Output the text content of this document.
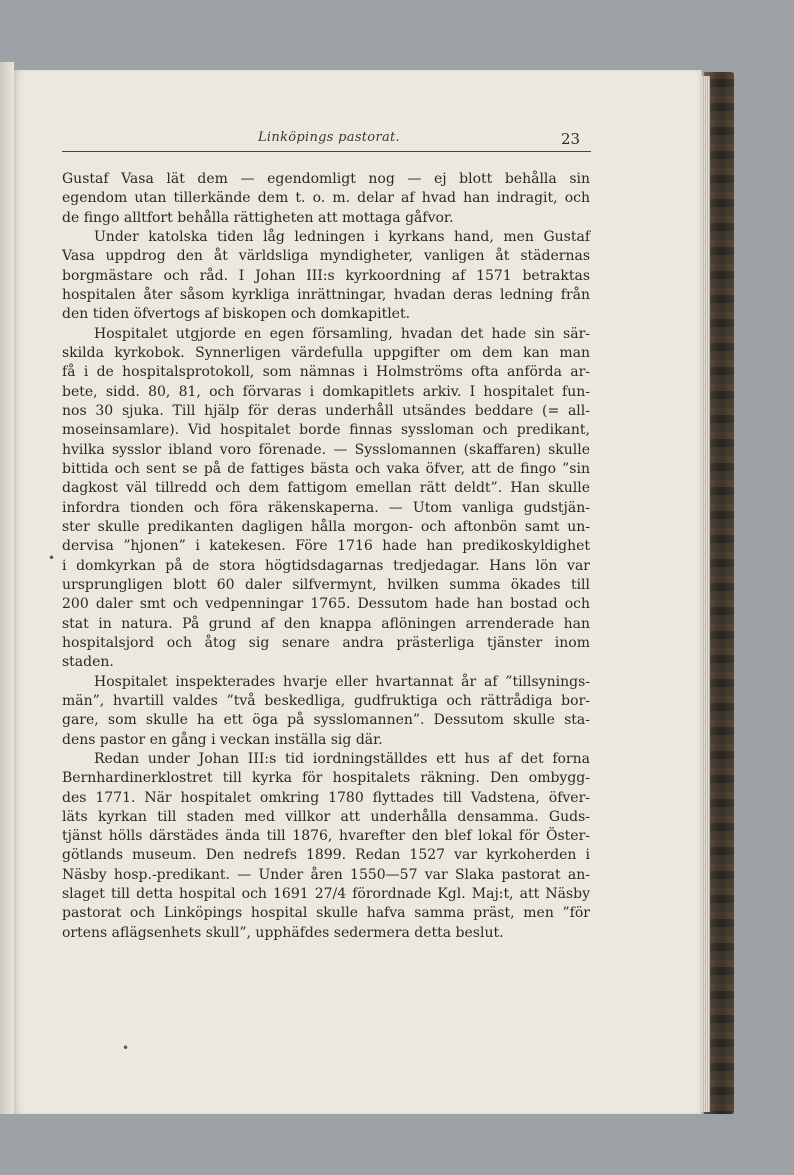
Linköpings pastorat.	23
•
•
Gustaf Vasa lät dem — egendomligt nog — ej blott behålla sin
egendom utan tillerkände dem t. o. m. delar af hvad han indragit, och
de fingo alltfort behålla rättigheten att mottaga gåfvor.
Under katolska tiden låg ledningen i kyrkans hand, men Gustaf
Vasa uppdrog den åt världsliga myndigheter, vanligen åt städernas
borgmästare och råd. I Johan III:s kyrkoordning af 1571 betraktas
hospitalen åter såsom kyrkliga inrättningar, hvadan deras ledning från
den tiden öfvertogs af biskopen och domkapitlet.
Hospitalet utgjorde en egen församling, hvadan det hade sin sär-
skilda kyrkobok. Synnerligen värdefulla uppgifter om dem kan man
få i de hospitalsprotokoll, som nämnas i Holmströms ofta anförda ar-
bete, sidd. 80, 81, och förvaras i domkapitlets arkiv. I hospitalet fun-
nos 30 sjuka. Till hjälp för deras underhåll utsändes beddare (= all-
moseinsamlare). Vid hospitalet borde finnas syssloman och predikant,
hvilka sysslor ibland voro förenade. — Sysslomannen (skaffaren) skulle
bittida och sent se på de fattiges bästa och vaka öfver, att de fingo ”sin
dagkost väl tillredd och dem fattigom emellan rätt deldt”. Han skulle
infordra tionden och föra räkenskaperna. — Utom vanliga gudstjän-
ster skulle predikanten dagligen hålla morgon- och aftonbön samt un-
dervisa ”hjonen” i katekesen. Före 1716 hade han predikoskyldighet
i domkyrkan på de stora högtidsdagarnas tredjedagar. Hans lön var
ursprungligen blott 60 daler silfvermynt, hvilken summa ökades till
200 daler smt och vedpenningar 1765. Dessutom hade han bostad och
stat in natura. På grund af den knappa aflöningen arrenderade han
hospitalsjord och åtog sig senare andra prästerliga tjänster inom
staden.
Hospitalet inspekterades hvarje eller hvartannat år af ”tillsynings-
män”, hvartill valdes ”två beskedliga, gudfruktiga och rättrådiga bor-
gare, som skulle ha ett öga på sysslomannen”. Dessutom skulle sta-
dens pastor en gång i veckan inställa sig där.
Redan under Johan III:s tid iordningställdes ett hus af det forna
Bernhardinerklostret till kyrka för hospitalets räkning. Den ombygg-
des 1771. När hospitalet omkring 1780 flyttades till Vadstena, öfver-
läts kyrkan till staden med villkor att underhålla densamma. Guds-
tjänst hölls därstädes ända till 1876, hvarefter den blef lokal för Öster-
götlands museum. Den nedrefs 1899. Redan 1527 var kyrkoherden i
Näsby hosp.-predikant. — Under åren 1550—57 var Slaka pastorat an-
slaget till detta hospital och 1691 27/4 förordnade Kgl. Maj:t, att Näsby
pastorat och Linköpings hospital skulle hafva samma präst, men ”för
ortens aflägsenhets skull”, upphäfdes sedermera detta beslut.
